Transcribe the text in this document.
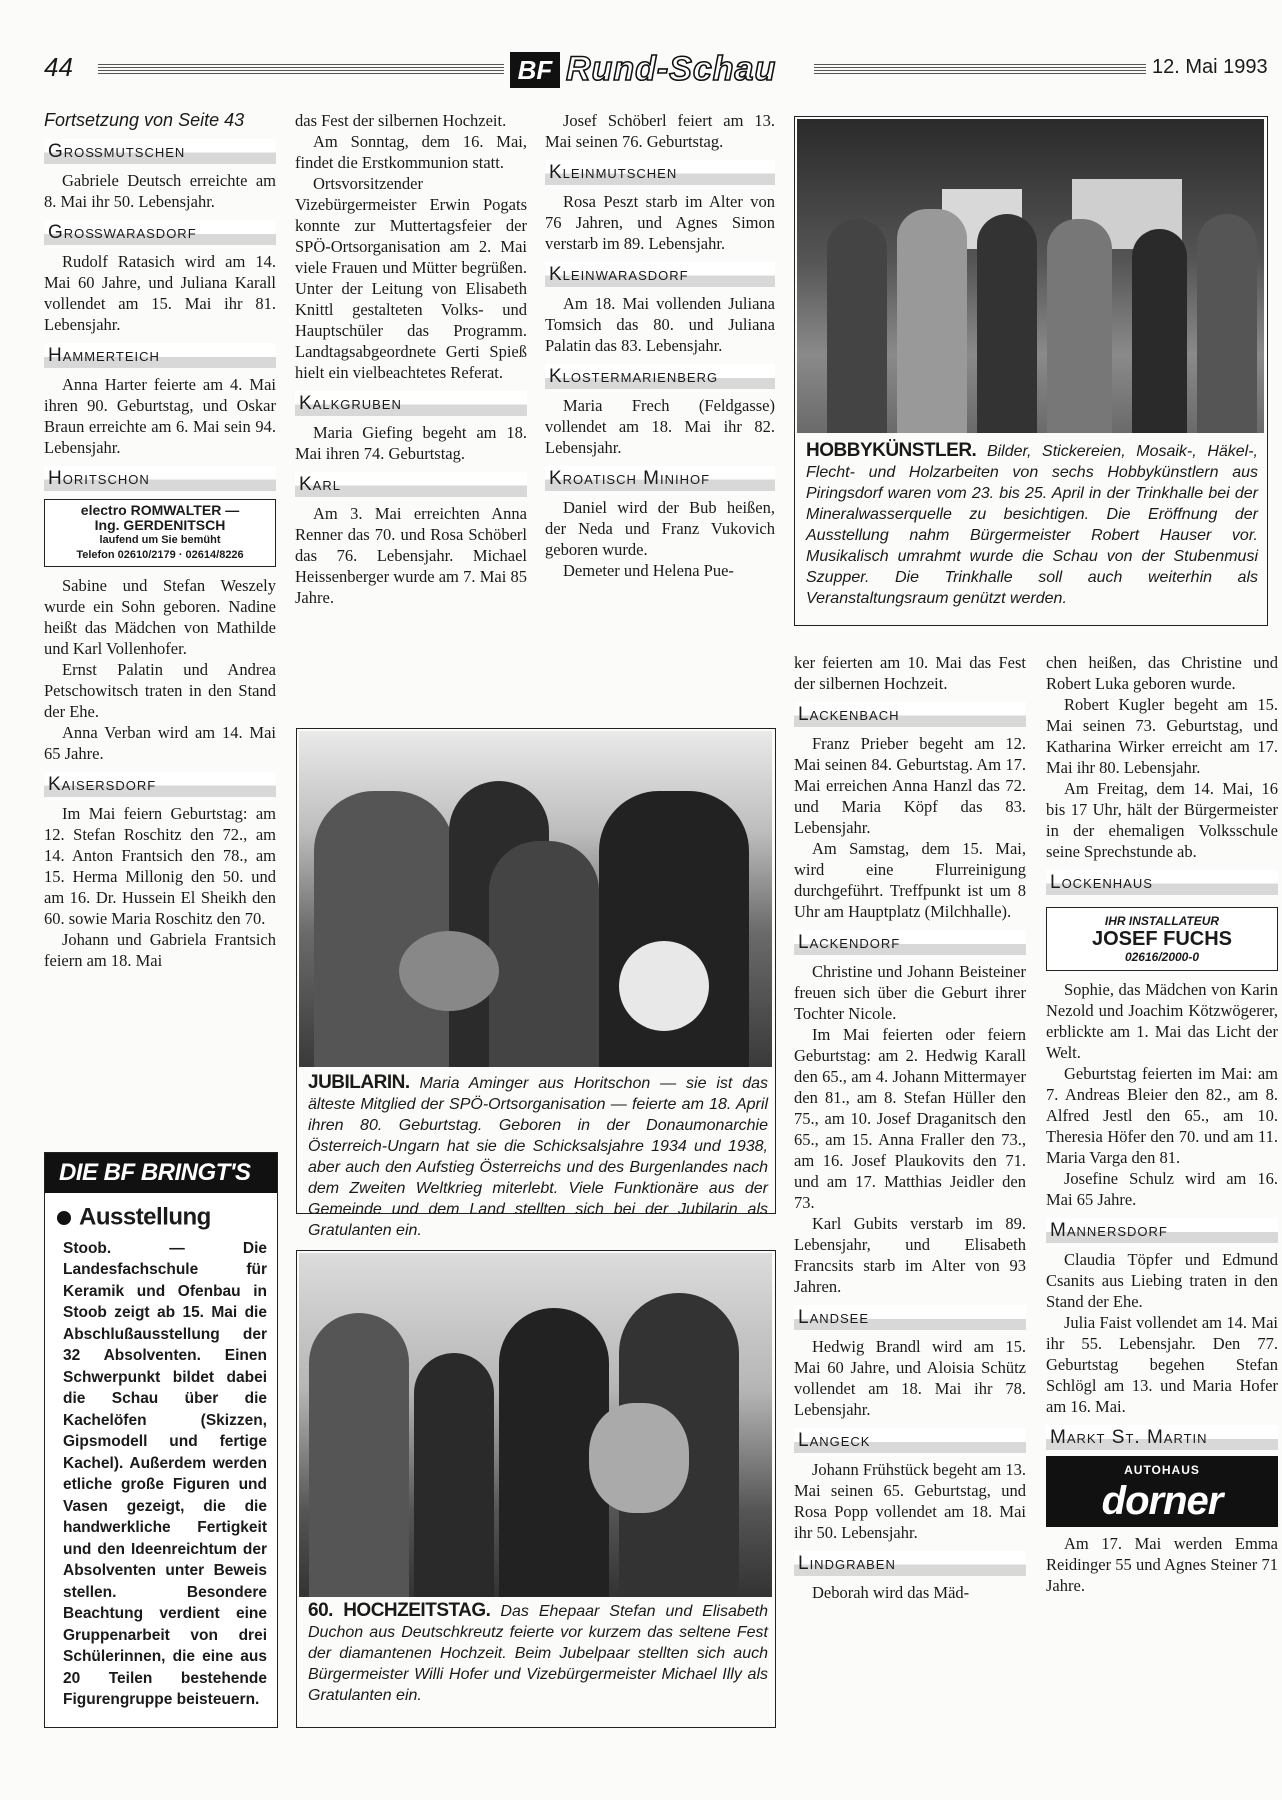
44	BF Rund-Schau	12. Mai 1993
Fortsetzung von Seite 43
Großmutschen

Gabriele Deutsch erreichte am 8. Mai ihr 50. Lebensjahr.

Großwarasdorf

Rudolf Ratasich wird am 14. Mai 60 Jahre, und Juliana Karall vollendet am 15. Mai ihr 81. Lebensjahr.

Hammerteich

Anna Harter feierte am 4. Mai ihren 90. Geburtstag, und Oskar Braun erreichte am 6. Mai sein 94. Lebensjahr.

Horitschon
electro ROMWALTER —
Ing. GERDENITSCH
laufend um Sie bemüht
Telefon 02610/2179 · 02614/8226

Sabine und Stefan Weszely wurde ein Sohn geboren. Nadine heißt das Mädchen von Mathilde und Karl Vollenhofer.

Ernst Palatin und Andrea Petschowitsch traten in den Stand der Ehe.

Anna Verban wird am 14. Mai 65 Jahre.

Kaisersdorf

Im Mai feiern Geburtstag: am 12. Stefan Roschitz den 72., am 14. Anton Frantsich den 78., am 15. Herma Millonig den 50. und am 16. Dr. Hussein El Sheikh den 60. sowie Maria Roschitz den 70.

Johann und Gabriela Frantsich feiern am 18. Mai

DIE BF BRINGT'S
Ausstellung
Stoob. — Die Landesfachschule für Keramik und Ofenbau in Stoob zeigt ab 15. Mai die Abschlußausstellung der 32 Absolventen. Einen Schwerpunkt bildet dabei die Schau über die Kachelöfen (Skizzen, Gipsmodell und fertige Kachel). Außerdem werden etliche große Figuren und Vasen gezeigt, die die handwerkliche Fertigkeit und den Ideenreichtum der Absolventen unter Beweis stellen. Besondere Beachtung verdient eine Gruppenarbeit von drei Schülerinnen, die eine aus 20 Teilen bestehende Figurengruppe beisteuern.

das Fest der silbernen Hochzeit.

Am Sonntag, dem 16. Mai, findet die Erstkommunion statt.

Ortsvorsitzender Vizebürgermeister Erwin Pogats konnte zur Muttertagsfeier der SPÖ-Ortsorganisation am 2. Mai viele Frauen und Mütter begrüßen. Unter der Leitung von Elisabeth Knittl gestalteten Volks- und Hauptschüler das Programm. Landtagsabgeordnete Gerti Spieß hielt ein vielbeachtetes Referat.

Kalkgruben

Maria Giefing begeht am 18. Mai ihren 74. Geburtstag.

Karl

Am 3. Mai erreichten Anna Renner das 70. und Rosa Schöberl das 76. Lebensjahr. Michael Heissenberger wurde am 7. Mai 85 Jahre.

Josef Schöberl feiert am 13. Mai seinen 76. Geburtstag.

Kleinmutschen

Rosa Peszt starb im Alter von 76 Jahren, und Agnes Simon verstarb im 89. Lebensjahr.

Kleinwarasdorf

Am 18. Mai vollenden Juliana Tomsich das 80. und Juliana Palatin das 83. Lebensjahr.

Klostermarienberg

Maria Frech (Feldgasse) vollendet am 18. Mai ihr 82. Lebensjahr.

Kroatisch Minihof

Daniel wird der Bub heißen, der Neda und Franz Vukovich geboren wurde.

Demeter und Helena Pue-

HOBBYKÜNSTLER. Bilder, Stickereien, Mosaik-, Häkel-, Flecht- und Holzarbeiten von sechs Hobbykünstlern aus Piringsdorf waren vom 23. bis 25. April in der Trinkhalle bei der Mineralwasserquelle zu besichtigen. Die Eröffnung der Ausstellung nahm Bürgermeister Robert Hauser vor. Musikalisch umrahmt wurde die Schau von der Stubenmusi Szupper. Die Trinkhalle soll auch weiterhin als Veranstaltungsraum genützt werden.
JUBILARIN. Maria Aminger aus Horitschon — sie ist das älteste Mitglied der SPÖ-Ortsorganisation — feierte am 18. April ihren 80. Geburtstag. Geboren in der Donaumonarchie Österreich-Ungarn hat sie die Schicksalsjahre 1934 und 1938, aber auch den Aufstieg Österreichs und des Burgenlandes nach dem Zweiten Weltkrieg miterlebt. Viele Funktionäre aus der Gemeinde und dem Land stellten sich bei der Jubilarin als Gratulanten ein.
60. HOCHZEITSTAG. Das Ehepaar Stefan und Elisabeth Duchon aus Deutschkreutz feierte vor kurzem das seltene Fest der diamantenen Hochzeit. Beim Jubelpaar stellten sich auch Bürgermeister Willi Hofer und Vizebürgermeister Michael Illy als Gratulanten ein.

ker feierten am 10. Mai das Fest der silbernen Hochzeit.

Lackenbach

Franz Prieber begeht am 12. Mai seinen 84. Geburtstag. Am 17. Mai erreichen Anna Hanzl das 72. und Maria Köpf das 83. Lebensjahr.

Am Samstag, dem 15. Mai, wird eine Flurreinigung durchgeführt. Treffpunkt ist um 8 Uhr am Hauptplatz (Milchhalle).

Lackendorf

Christine und Johann Beisteiner freuen sich über die Geburt ihrer Tochter Nicole.

Im Mai feierten oder feiern Geburtstag: am 2. Hedwig Karall den 65., am 4. Johann Mittermayer den 81., am 8. Stefan Hüller den 75., am 10. Josef Draganitsch den 65., am 15. Anna Fraller den 73., am 16. Josef Plaukovits den 71. und am 17. Matthias Jeidler den 73.

Karl Gubits verstarb im 89. Lebensjahr, und Elisabeth Francsits starb im Alter von 93 Jahren.

Landsee

Hedwig Brandl wird am 15. Mai 60 Jahre, und Aloisia Schütz vollendet am 18. Mai ihr 78. Lebensjahr.

Langeck

Johann Frühstück begeht am 13. Mai seinen 65. Geburtstag, und Rosa Popp vollendet am 18. Mai ihr 50. Lebensjahr.

Lindgraben

Deborah wird das Mäd-

chen heißen, das Christine und Robert Luka geboren wurde.

Robert Kugler begeht am 15. Mai seinen 73. Geburtstag, und Katharina Wirker erreicht am 17. Mai ihr 80. Lebensjahr.

Am Freitag, dem 14. Mai, 16 bis 17 Uhr, hält der Bürgermeister in der ehemaligen Volksschule seine Sprechstunde ab.

Lockenhaus
IHR INSTALLATEUR
JOSEF FUCHS
02616/2000-0

Sophie, das Mädchen von Karin Nezold und Joachim Kötzwögerer, erblickte am 1. Mai das Licht der Welt.

Geburtstag feierten im Mai: am 7. Andreas Bleier den 82., am 8. Alfred Jestl den 65., am 10. Theresia Höfer den 70. und am 11. Maria Varga den 81.

Josefine Schulz wird am 16. Mai 65 Jahre.

Mannersdorf

Claudia Töpfer und Edmund Csanits aus Liebing traten in den Stand der Ehe.

Julia Faist vollendet am 14. Mai ihr 55. Lebensjahr. Den 77. Geburtstag begehen Stefan Schlögl am 13. und Maria Hofer am 16. Mai.

Markt St. Martin
AUTOHAUS
dorner

Am 17. Mai werden Emma Reidinger 55 und Agnes Steiner 71 Jahre.
